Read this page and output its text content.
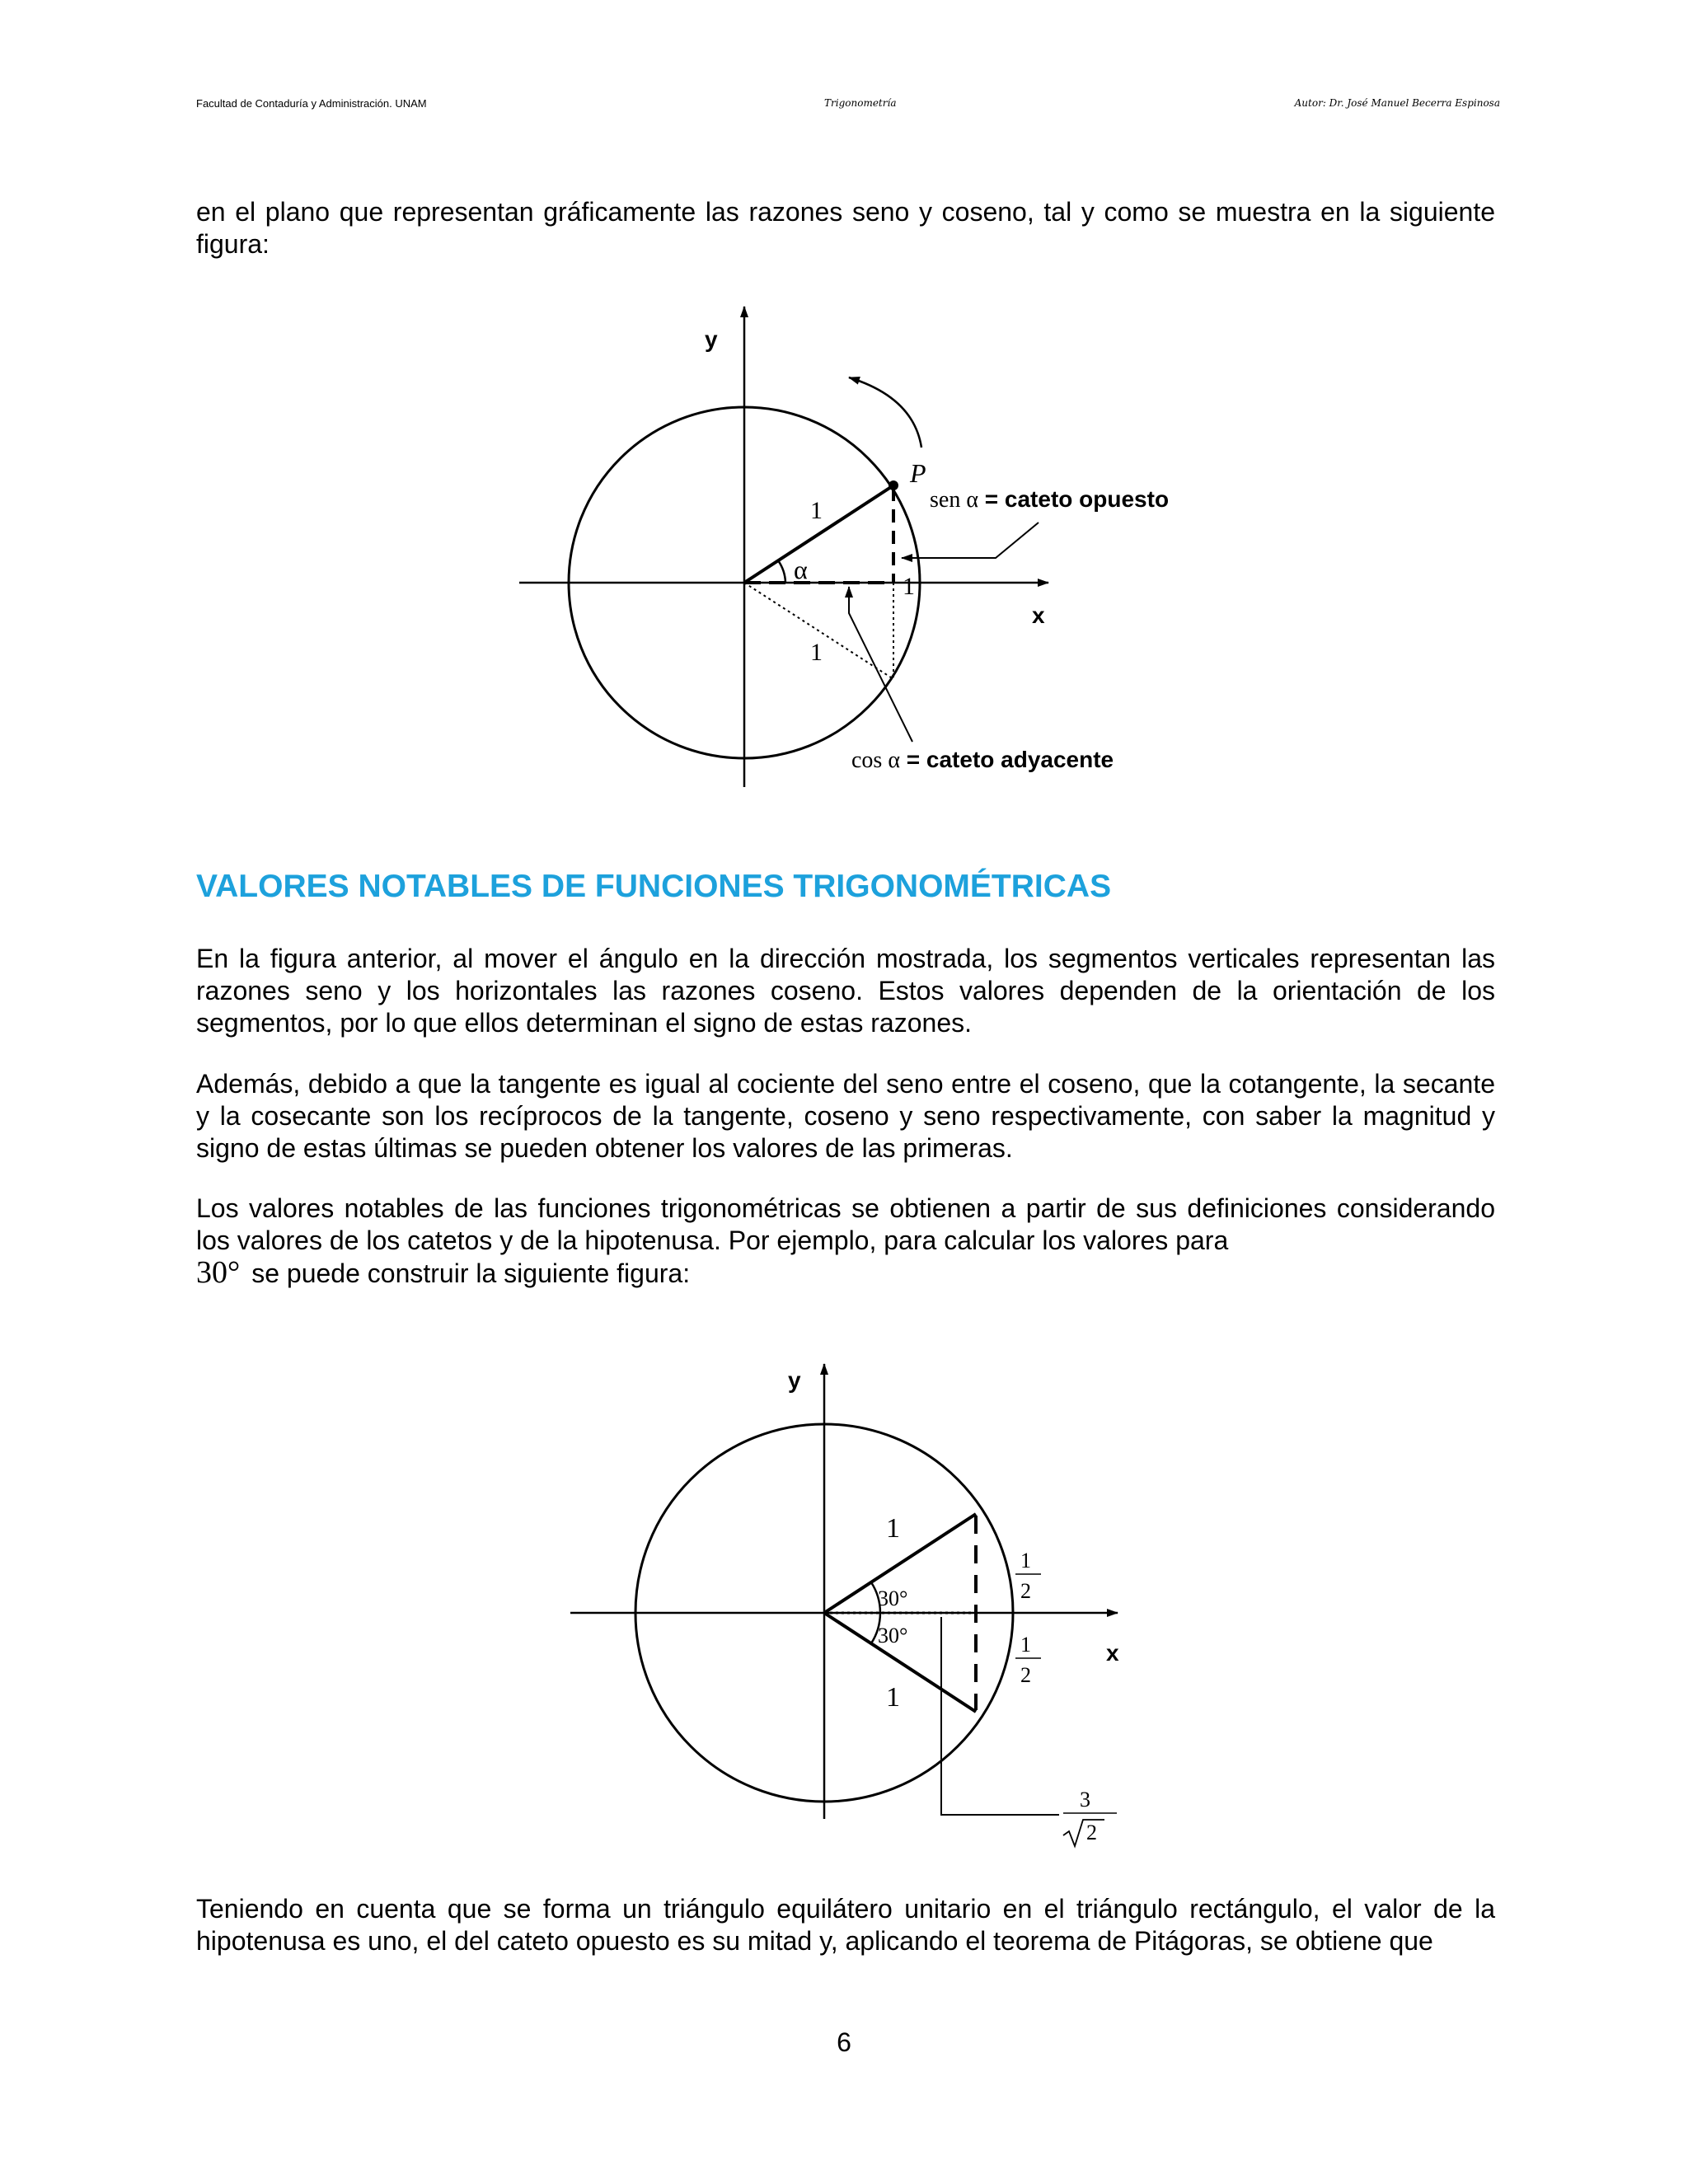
Facultad de Contaduría y Administración. UNAM	Trigonometría	Autor: Dr. José Manuel Becerra Espinosa

en el plano que representan gráficamente las razones seno y coseno, tal y como se muestra en la siguiente figura:

y
x
P
α
1
1
1
sen α = cateto opuesto
cos α = cateto adyacente
VALORES NOTABLES DE FUNCIONES TRIGONOMÉTRICAS

En la figura anterior, al mover el ángulo en la dirección mostrada, los segmentos verticales representan las razones seno y los horizontales las razones coseno. Estos valores dependen de la orientación de los segmentos, por lo que ellos determinan el signo de estas razones.

Además, debido a que la tangente es igual al cociente del seno entre el coseno, que la cotangente, la secante y la cosecante son los recíprocos de la tangente, coseno y seno respectivamente, con saber la magnitud y signo de estas últimas se pueden obtener los valores de las primeras.

Los valores notables de las funciones trigonométricas se obtienen a partir de sus definiciones considerando los valores de los catetos y de la hipotenusa. Por ejemplo, para calcular los valores para
30° se puede construir la siguiente figura:

y
x
1
1
30°
30°
1
2
1
2
3
2

Teniendo en cuenta que se forma un triángulo equilátero unitario en el triángulo rectángulo, el valor de la hipotenusa es uno, el del cateto opuesto es su mitad y, aplicando el teorema de Pitágoras, se obtiene que

6
